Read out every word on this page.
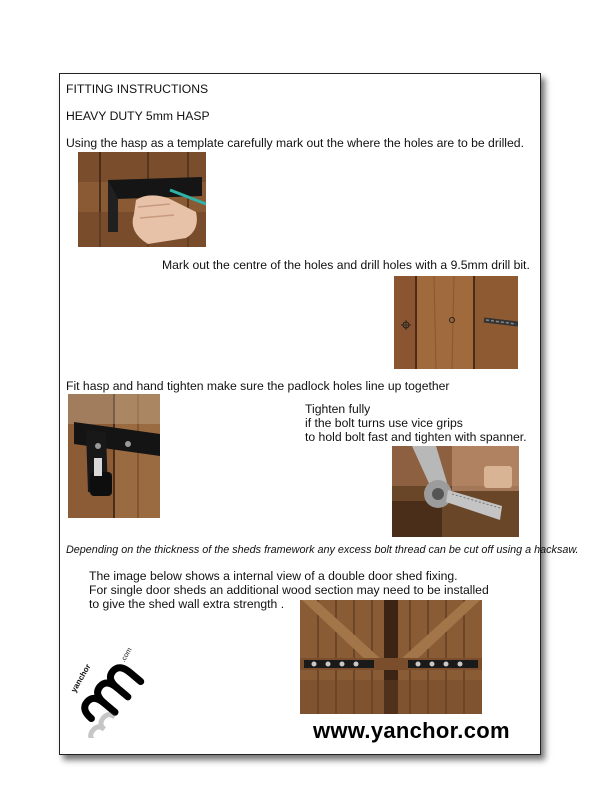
FITTING INSTRUCTIONS
HEAVY DUTY 5mm HASP
Using the hasp as a template carefully mark out the where the holes are to be drilled.
Mark out the centre of the holes and drill holes with a 9.5mm drill bit.
Fit hasp and hand tighten make sure the padlock holes line up together
Tighten fully
if the bolt turns use vice grips
to hold bolt fast and tighten with spanner.
Depending on the thickness of the sheds framework any excess bolt thread can be cut off using a hacksaw.
The image below shows a internal view of a double door shed fixing.
For single door sheds an additional wood section may need to be installed
to give the shed wall extra strength .
yanchor
.com
www.yanchor.com
